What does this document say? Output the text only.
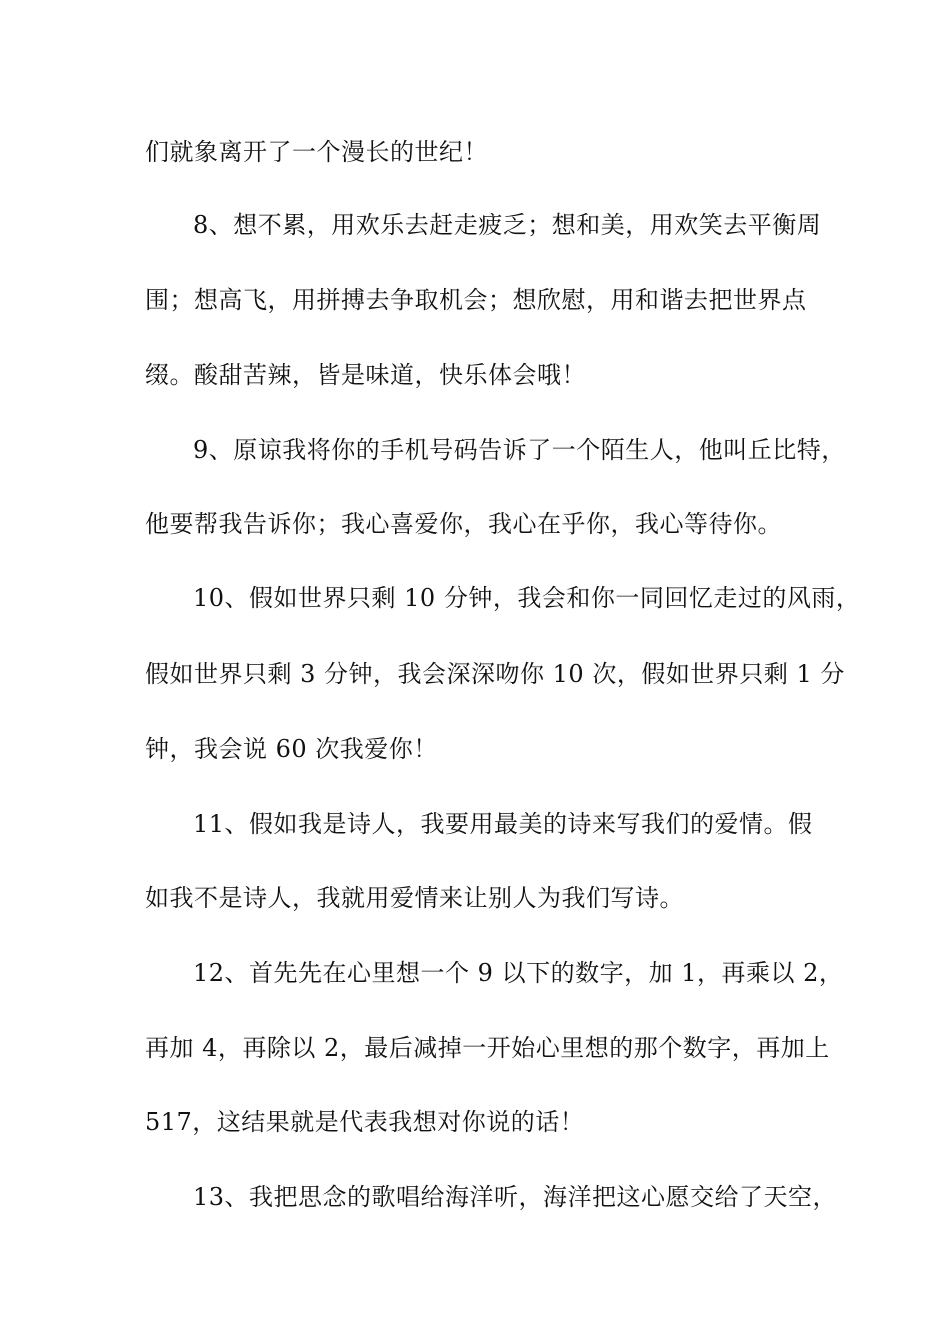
们就象离开了一个漫长的世纪！
8、想不累，用欢乐去赶走疲乏；想和美，用欢笑去平衡周
围；想高飞，用拼搏去争取机会；想欣慰，用和谐去把世界点
缀。酸甜苦辣，皆是味道，快乐体会哦！
9、原谅我将你的手机号码告诉了一个陌生人，他叫丘比特，
他要帮我告诉你；我心喜爱你，我心在乎你，我心等待你。
10、假如世界只剩 10 分钟，我会和你一同回忆走过的风雨，
假如世界只剩 3 分钟，我会深深吻你 10 次，假如世界只剩 1 分
钟，我会说 60 次我爱你！
11、假如我是诗人，我要用最美的诗来写我们的爱情。假
如我不是诗人，我就用爱情来让别人为我们写诗。
12、首先先在心里想一个 9 以下的数字，加 1，再乘以 2，
再加 4，再除以 2，最后减掉一开始心里想的那个数字，再加上
517，这结果就是代表我想对你说的话！
13、我把思念的歌唱给海洋听，海洋把这心愿交给了天空，
